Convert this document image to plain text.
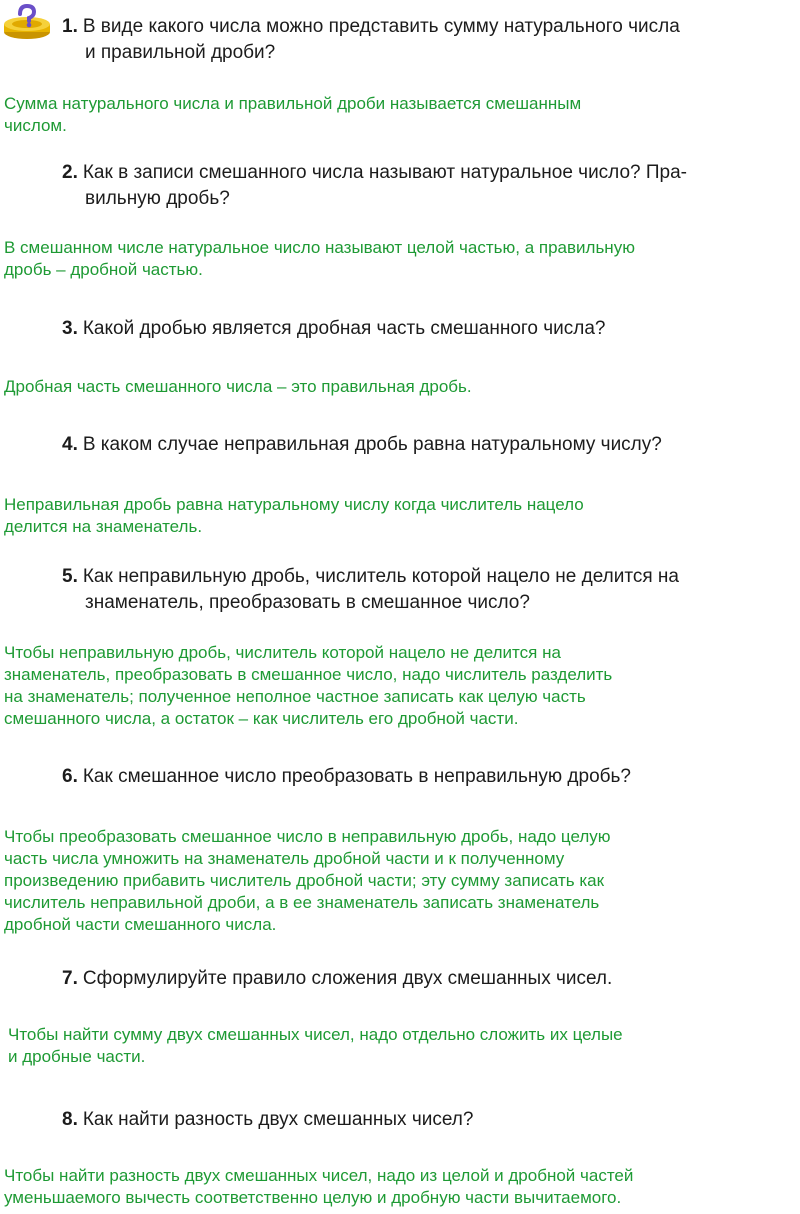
1. В виде какого числа можно представить сумму натурального числа
и правильной дроби?
Сумма натурального числа и правильной дроби называется смешанным
числом.
2. Как в записи смешанного числа называют натуральное число? Пра-
вильную дробь?
В смешанном числе натуральное число называют целой частью, а правильную
дробь – дробной частью.
3. Какой дробью является дробная часть смешанного числа?
Дробная часть смешанного числа – это правильная дробь.
4. В каком случае неправильная дробь равна натуральному числу?
Неправильная дробь равна натуральному числу когда числитель нацело
делится на знаменатель.
5. Как неправильную дробь, числитель которой нацело не делится на
знаменатель, преобразовать в смешанное число?
Чтобы неправильную дробь, числитель которой нацело не делится на
знаменатель, преобразовать в смешанное число, надо числитель разделить
на знаменатель; полученное неполное частное записать как целую часть
смешанного числа, а остаток – как числитель его дробной части.
6. Как смешанное число преобразовать в неправильную дробь?
Чтобы преобразовать смешанное число в неправильную дробь, надо целую
часть числа умножить на знаменатель дробной части и к полученному
произведению прибавить числитель дробной части; эту сумму записать как
числитель неправильной дроби, а в ее знаменатель записать знаменатель
дробной части смешанного числа.
7. Сформулируйте правило сложения двух смешанных чисел.
Чтобы найти сумму двух смешанных чисел, надо отдельно сложить их целые
и дробные части.
8. Как найти разность двух смешанных чисел?
Чтобы найти разность двух смешанных чисел, надо из целой и дробной частей
уменьшаемого вычесть соответственно целую и дробную части вычитаемого.
